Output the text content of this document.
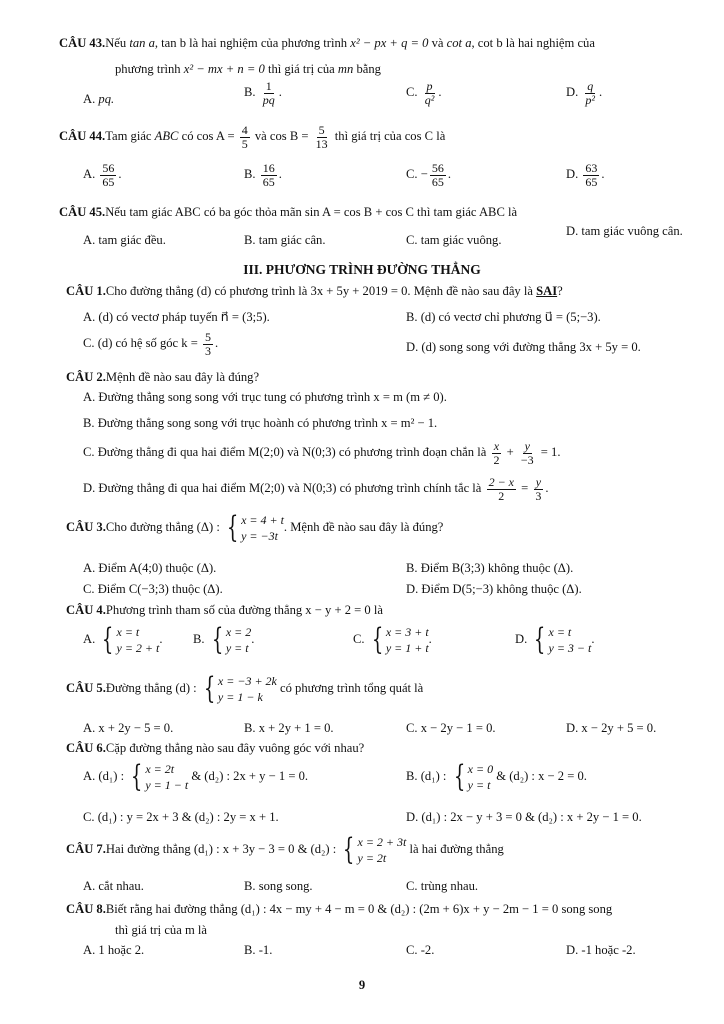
CÂU 43.Nếu tan a, tan b là hai nghiệm của phương trình x² − px + q = 0 và cot a, cot b là hai nghiệm của
phương trình x² − mx + n = 0 thì giá trị của mn bằng
A. pq.
B. $\frac{1}{pq}$ .	C. $\frac{p}{\text{q²}}$ .	D. $\frac{q}{\text{p²}}$ .
CÂU 44.Tam giác ABC có $\cos A = \frac{4}{5}$ và $\cos B = \frac{5}{13}$ thì giá trị của cos C là
A. $\frac{56}{65}$ .	B. $\frac{16}{65}$ .	C. − $\frac{56}{65}$ .	D. $\frac{63}{65}$ .
CÂU 45.Nếu tam giác ABC có ba góc thỏa mãn sin A = cos B + cos C thì tam giác ABC là
A. tam giác đều.	B. tam giác cân.	C. tam giác vuông.
D. tam giác vuông cân.
III. PHƯƠNG TRÌNH ĐƯỜNG THẲNG
CÂU 1.Cho đường thẳng (d) có phương trình là 3x + 5y + 2019 = 0. Mệnh đề nào sau đây là SAI?
A. (d) có vectơ pháp tuyến n⃗ = (3;5).	B. (d) có vectơ chỉ phương u⃗ = (5;−3).
C. (d) có hệ số góc $k = \frac{5}{3}$ .	D. (d) song song với đường thẳng 3x + 5y = 0.
CÂU 2.Mệnh đề nào sau đây là đúng?
A. Đường thẳng song song với trục tung có phương trình x = m (m ≠ 0).
B. Đường thẳng song song với trục hoành có phương trình x = m² − 1.
C. Đường thẳng đi qua hai điểm M(2;0) và N(0;3) có phương trình đoạn chắn là $\frac{x}{2} + \frac{y}{-3} = 1$.
D. Đường thẳng đi qua hai điểm M(2;0) và N(0;3) có phương trình chính tắc là $\frac{2 - x}{2} = \frac{y}{3}$ .
CÂU 3.Cho đường thẳng (Δ) : { x = 4 + t
y = −3t
. Mệnh đề nào sau đây là đúng?
A. Điểm A(4;0) thuộc (Δ).	B. Điểm B(3;3) không thuộc (Δ).
C. Điểm C(−3;3) thuộc (Δ).	D. Điểm D(5;−3) không thuộc (Δ).
CÂU 4.Phương trình tham số của đường thẳng x − y + 2 = 0 là
A. { x = t
y = 2 + t
. B. { x = 2
y = t
.	C. { x = 3 + t
y = 1 + t
.	D. { x = t
y = 3 − t
.
CÂU 5.Đường thẳng (d) : { x = −3 + 2k
y = 1 − k
có phương trình tổng quát là
A. x + 2y − 5 = 0.	B. x + 2y + 1 = 0.	C. x − 2y − 1 = 0.	D. x − 2y + 5 = 0.
CÂU 6.Cặp đường thẳng nào sau đây vuông góc với nhau?
A. (d₁) : { x = 2t
y = 1 − t
& (d₂) : 2x + y − 1 = 0.	B. (d₁) : { x = 0
y = t
& (d₂) : x − 2 = 0.
C. (d₁) : y = 2x + 3 & (d₂) : 2y = x + 1.	D. (d₁) : 2x − y + 3 = 0 & (d₂) : x + 2y − 1 = 0.
CÂU 7.Hai đường thẳng (d₁) : x + 3y − 3 = 0 & (d₂) : { x = 2 + 3t
y = 2t
là hai đường thẳng
A. cắt nhau.	B. song song.	C. trùng nhau.
CÂU 8.Biết rằng hai đường thẳng (d₁) : 4x − my + 4 − m = 0 & (d₂) : (2m + 6)x + y − 2m − 1 = 0 song song
thì giá trị của m là
A. 1 hoặc 2.	B. -1.	C. -2.	D. -1 hoặc -2.
9
